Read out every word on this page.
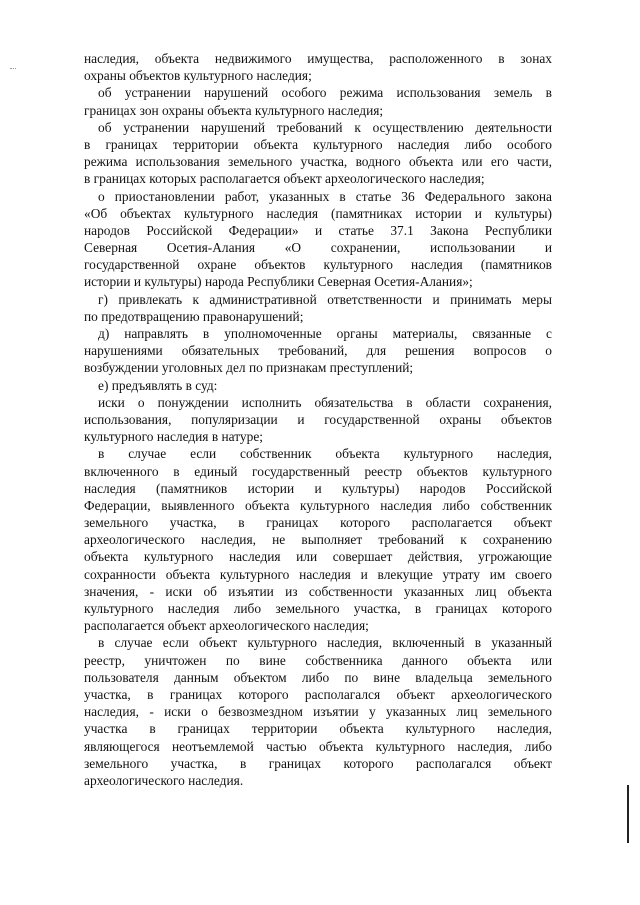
наследия, объекта недвижимого имущества, расположенного в зонах
охраны объектов культурного наследия;
об устранении нарушений особого режима использования земель в
границах зон охраны объекта культурного наследия;
об устранении нарушений требований к осуществлению деятельности
в границах территории объекта культурного наследия либо особого
режима использования земельного участка, водного объекта или его части,
в границах которых располагается объект археологического наследия;
о приостановлении работ, указанных в статье 36 Федерального закона
«Об объектах культурного наследия (памятниках истории и культуры)
народов Российской Федерации» и статье 37.1 Закона Республики
Северная Осетия-Алания «О сохранении, использовании и
государственной охране объектов культурного наследия (памятников
истории и культуры) народа Республики Северная Осетия-Алания»;
г) привлекать к административной ответственности и принимать меры
по предотвращению правонарушений;
д) направлять в уполномоченные органы материалы, связанные с
нарушениями обязательных требований, для решения вопросов о
возбуждении уголовных дел по признакам преступлений;
е) предъявлять в суд:
иски о понуждении исполнить обязательства в области сохранения,
использования, популяризации и государственной охраны объектов
культурного наследия в натуре;
в случае если собственник объекта культурного наследия,
включенного в единый государственный реестр объектов культурного
наследия (памятников истории и культуры) народов Российской
Федерации, выявленного объекта культурного наследия либо собственник
земельного участка, в границах которого располагается объект
археологического наследия, не выполняет требований к сохранению
объекта культурного наследия или совершает действия, угрожающие
сохранности объекта культурного наследия и влекущие утрату им своего
значения, - иски об изъятии из собственности указанных лиц объекта
культурного наследия либо земельного участка, в границах которого
располагается объект археологического наследия;
в случае если объект культурного наследия, включенный в указанный
реестр, уничтожен по вине собственника данного объекта или
пользователя данным объектом либо по вине владельца земельного
участка, в границах которого располагался объект археологического
наследия, - иски о безвозмездном изъятии у указанных лиц земельного
участка в границах территории объекта культурного наследия,
являющегося неотъемлемой частью объекта культурного наследия, либо
земельного участка, в границах которого располагался объект
археологического наследия.
